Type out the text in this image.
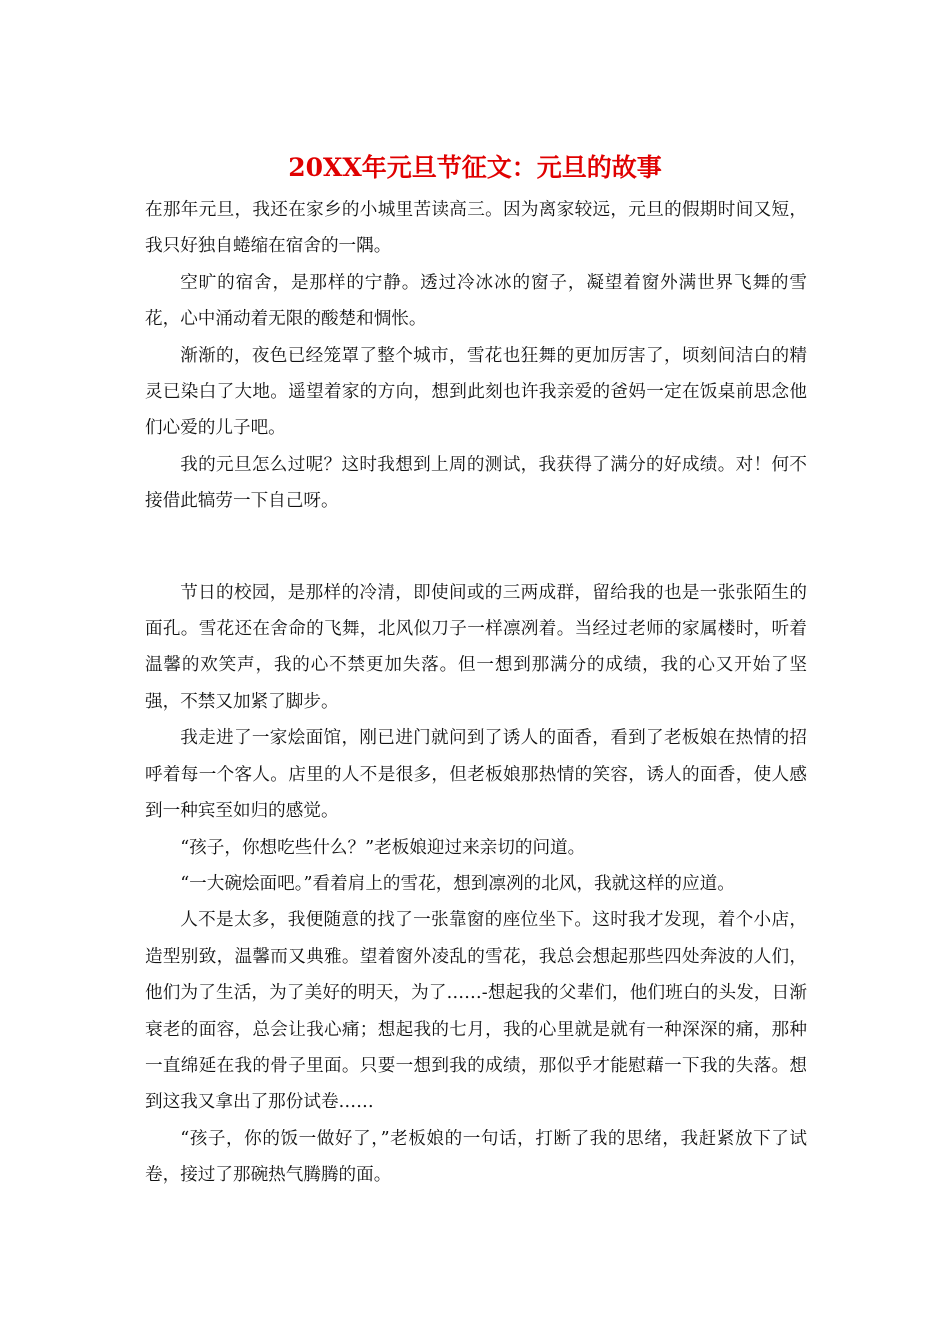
20XX年元旦节征文：元旦的故事

在那年元旦，我还在家乡的小城里苦读高三。因为离家较远，元旦的假期时间又短，我只好独自蜷缩在宿舍的一隅。

空旷的宿舍，是那样的宁静。透过冷冰冰的窗子，凝望着窗外满世界飞舞的雪花，心中涌动着无限的酸楚和惆怅。

渐渐的，夜色已经笼罩了整个城市，雪花也狂舞的更加厉害了，顷刻间洁白的精灵已染白了大地。遥望着家的方向，想到此刻也许我亲爱的爸妈一定在饭桌前思念他们心爱的儿子吧。

我的元旦怎么过呢？这时我想到上周的测试，我获得了满分的好成绩。对！何不接借此犒劳一下自己呀。

节日的校园，是那样的冷清，即使间或的三两成群，留给我的也是一张张陌生的面孔。雪花还在舍命的飞舞，北风似刀子一样凛冽着。当经过老师的家属楼时，听着温馨的欢笑声，我的心不禁更加失落。但一想到那满分的成绩，我的心又开始了坚强，不禁又加紧了脚步。

我走进了一家烩面馆，刚已进门就问到了诱人的面香，看到了老板娘在热情的招呼着每一个客人。店里的人不是很多，但老板娘那热情的笑容，诱人的面香，使人感到一种宾至如归的感觉。

“孩子，你想吃些什么？”老板娘迎过来亲切的问道。

“一大碗烩面吧。”看着肩上的雪花，想到凛冽的北风，我就这样的应道。

人不是太多，我便随意的找了一张靠窗的座位坐下。这时我才发现，着个小店，造型别致，温馨而又典雅。望着窗外凌乱的雪花，我总会想起那些四处奔波的人们，他们为了生活，为了美好的明天，为了……-想起我的父辈们，他们班白的头发，日渐衰老的面容，总会让我心痛；想起我的七月，我的心里就是就有一种深深的痛，那种一直绵延在我的骨子里面。只要一想到我的成绩，那似乎才能慰藉一下我的失落。想到这我又拿出了那份试卷……

“孩子，你的饭一做好了，”老板娘的一句话，打断了我的思绪，我赶紧放下了试卷，接过了那碗热气腾腾的面。
